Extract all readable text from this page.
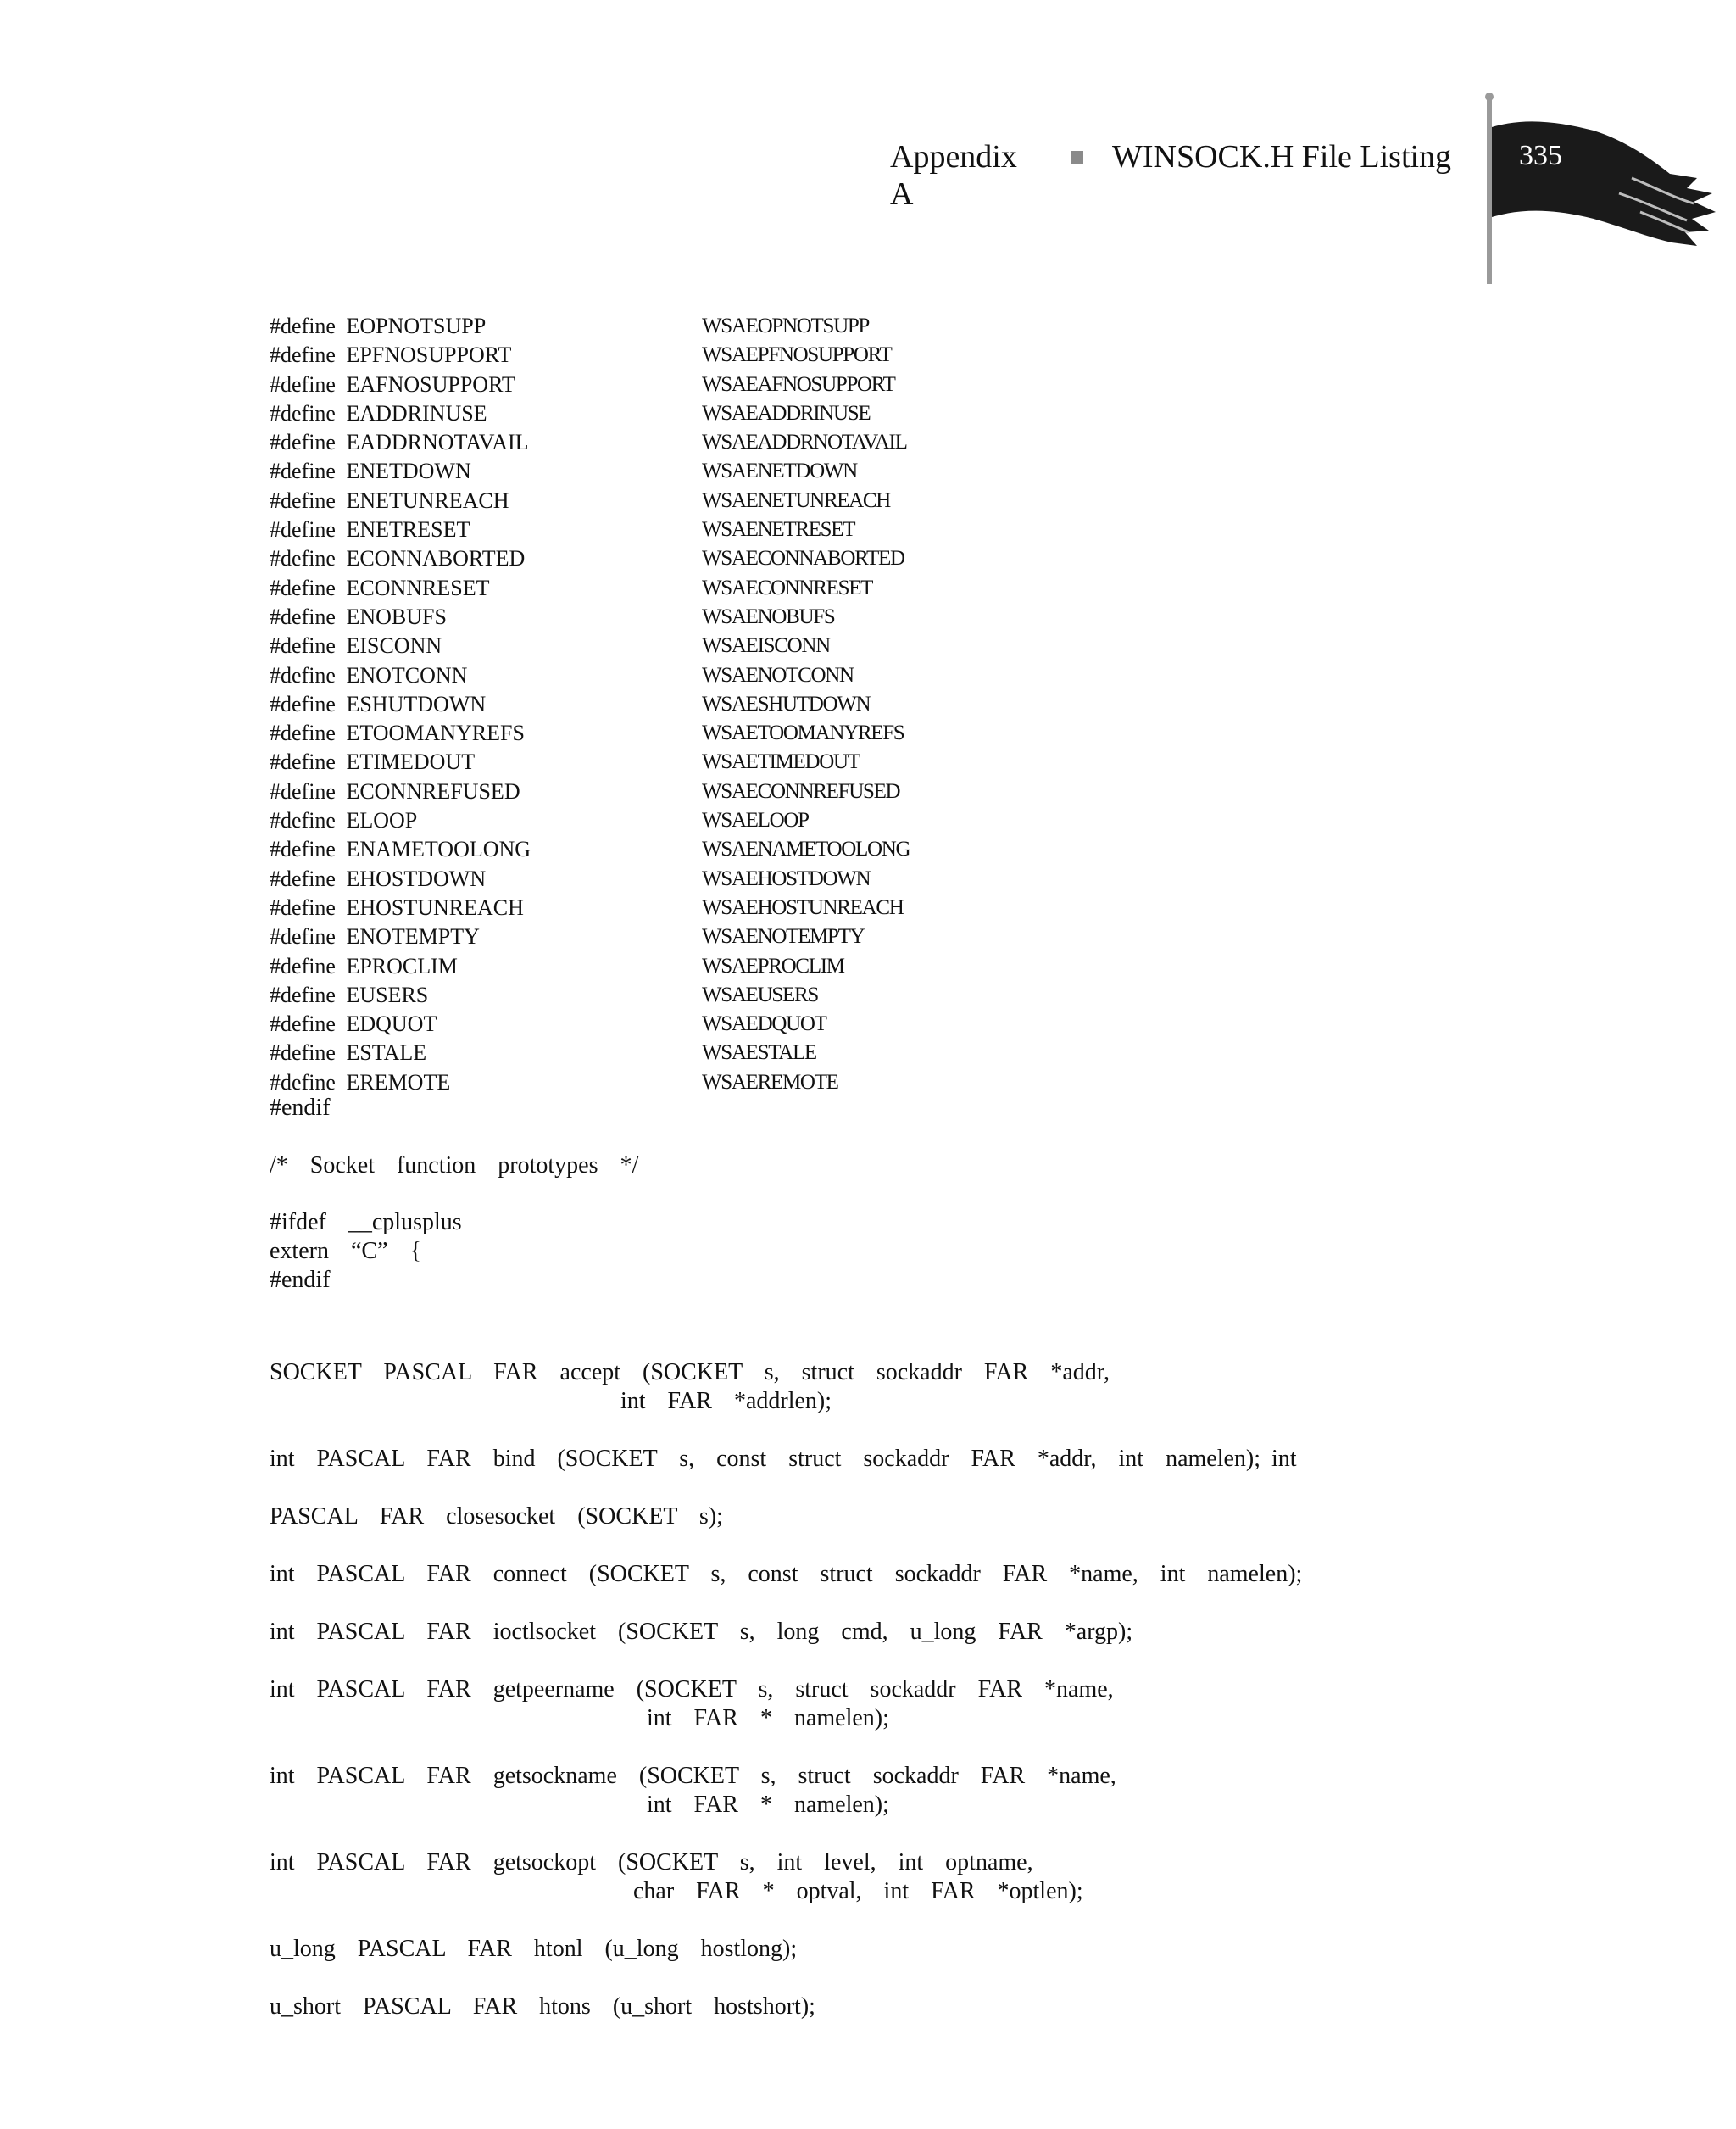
Appendix A
WINSOCK.H File Listing 335
#define EOPNOTSUPP	WSAEOPNOTSUPP
#define EPFNOSUPPORT	WSAEPFNOSUPPORT
#define EAFNOSUPPORT	WSAEAFNOSUPPORT
#define EADDRINUSE	WSAEADDRINUSE
#define EADDRNOTAVAIL	WSAEADDRNOTAVAIL
#define ENETDOWN	WSAENETDOWN
#define ENETUNREACH	WSAENETUNREACH
#define ENETRESET	WSAENETRESET
#define ECONNABORTED	WSAECONNABORTED
#define ECONNRESET	WSAECONNRESET
#define ENOBUFS	WSAENOBUFS
#define EISCONN	WSAEISCONN
#define ENOTCONN	WSAENOTCONN
#define ESHUTDOWN	WSAESHUTDOWN
#define ETOOMANYREFS	WSAETOOMANYREFS
#define ETIMEDOUT	WSAETIMEDOUT
#define ECONNREFUSED	WSAECONNREFUSED
#define ELOOP	WSAELOOP
#define ENAMETOOLONG	WSAENAMETOOLONG
#define EHOSTDOWN	WSAEHOSTDOWN
#define EHOSTUNREACH	WSAEHOSTUNREACH
#define ENOTEMPTY	WSAENOTEMPTY
#define EPROCLIM	WSAEPROCLIM
#define EUSERS	WSAEUSERS
#define EDQUOT	WSAEDQUOT
#define ESTALE	WSAESTALE
#define EREMOTE	WSAEREMOTE
#endif
/*  Socket  function  prototypes  */
#ifdef  __cplusplus
extern  “C”  {
#endif
SOCKET  PASCAL  FAR  accept  (SOCKET  s,  struct  sockaddr  FAR  *addr,
int  FAR  *addrlen);
int  PASCAL  FAR  bind  (SOCKET  s,  const  struct  sockaddr  FAR  *addr,  int  namelen); int
PASCAL  FAR  closesocket  (SOCKET  s);
int  PASCAL  FAR  connect  (SOCKET  s,  const  struct  sockaddr  FAR  *name,  int  namelen);
int  PASCAL  FAR  ioctlsocket  (SOCKET  s,  long  cmd,  u_long  FAR  *argp);
int  PASCAL  FAR  getpeername  (SOCKET  s,  struct  sockaddr  FAR  *name,
int  FAR  *  namelen);
int  PASCAL  FAR  getsockname  (SOCKET  s,  struct  sockaddr  FAR  *name,
int  FAR  *  namelen);
int  PASCAL  FAR  getsockopt  (SOCKET  s,  int  level,  int  optname,
char  FAR  *  optval,  int  FAR  *optlen);
u_long  PASCAL  FAR  htonl  (u_long  hostlong);
u_short  PASCAL  FAR  htons  (u_short  hostshort);
